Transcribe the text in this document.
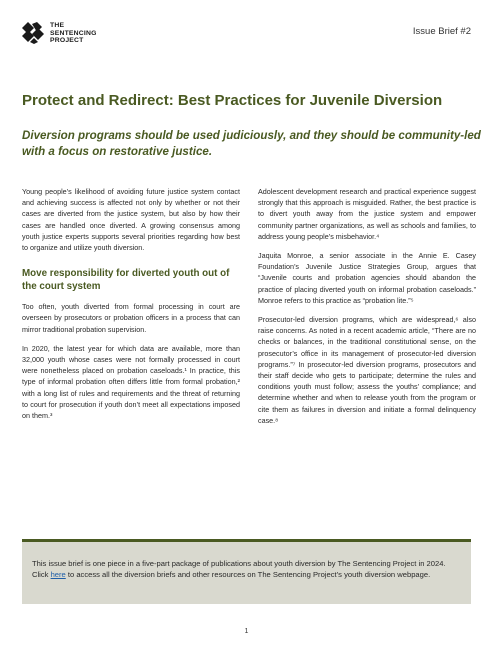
THE
SENTENCING
PROJECT
Issue Brief #2
Protect and Redirect: Best Practices for Juvenile Diversion
Diversion programs should be used judiciously, and they should be community-led with a focus on restorative justice.

Young people’s likelihood of avoiding future justice system contact and achieving success is affected not only by whether or not their cases are diverted from the justice system, but also by how their cases are handled once diverted. A growing consensus among youth justice experts supports several priorities regarding how best to organize and utilize youth diversion.

Move responsibility for diverted youth out of the court system

Too often, youth diverted from formal processing in court are overseen by prosecutors or probation officers in a process that can mirror traditional probation supervision.

In 2020, the latest year for which data are available, more than 32,000 youth whose cases were not formally processed in court were nonetheless placed on probation caseloads.¹ In practice, this type of informal probation often differs little from formal probation,² with a long list of rules and requirements and the threat of returning to court for prosecution if youth don’t meet all expectations imposed on them.³

Adolescent development research and practical experience suggest strongly that this approach is misguided. Rather, the best practice is to divert youth away from the justice system and empower community partner organizations, as well as schools and families, to address young people’s misbehavior.⁴

Jaquita Monroe, a senior associate in the Annie E. Casey Foundation’s Juvenile Justice Strategies Group, argues that “Juvenile courts and probation agencies should abandon the practice of placing diverted youth on informal probation caseloads.” Monroe refers to this practice as “probation lite.”⁵

Prosecutor-led diversion programs, which are widespread,⁶ also raise concerns. As noted in a recent academic article, “There are no checks or balances, in the traditional constitutional sense, on the prosecutor’s office in its management of prosecutor-led diversion programs.”⁷ In prosecutor-led diversion programs, prosecutors and their staff decide who gets to participate; determine the rules and conditions youth must follow; assess the youths’ compliance; and determine whether and when to release youth from the program or cite them as failures in diversion and initiate a formal delinquency case.⁸

This issue brief is one piece in a five-part package of publications about youth diversion by The Sentencing Project in 2024. Click here to access all the diversion briefs and other resources on The Sentencing Project’s youth diversion webpage.
1
